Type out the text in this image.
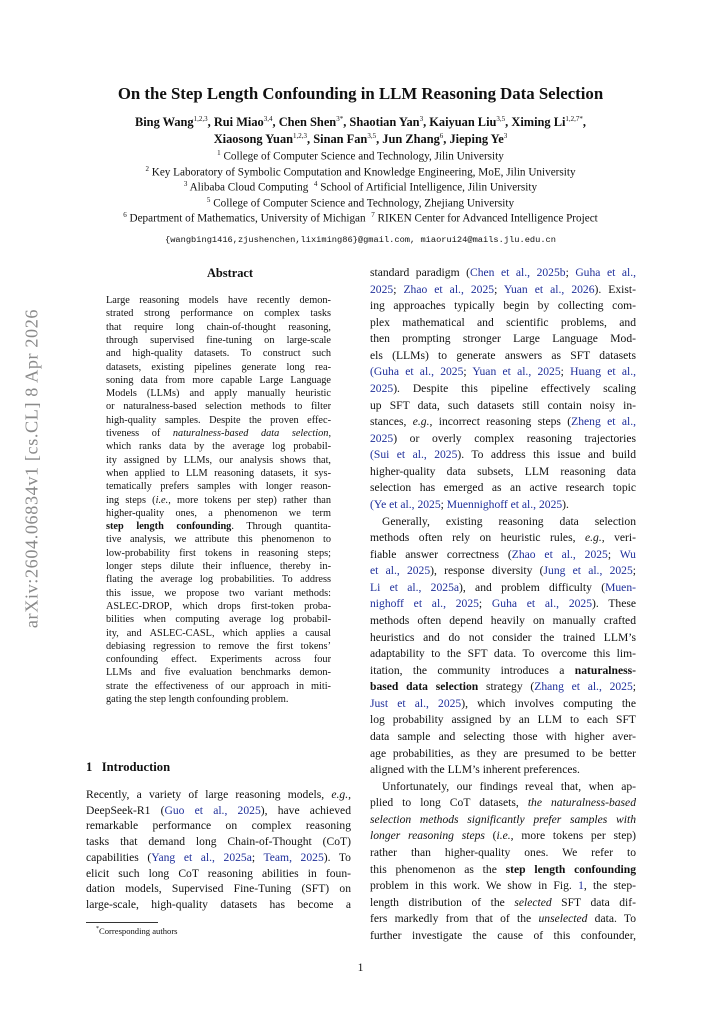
On the Step Length Confounding in LLM Reasoning Data Selection
Bing Wang$^{1,2,3}$, Rui Miao$^{3,4}$, Chen Shen$^{3*}$, Shaotian Yan$^3$, Kaiyuan Liu$^{3,5}$, Ximing $Li^{1,2,7*}$,
Xiaosong Yuan$^{1,2,3}$, Sinan Fan$^{3,5}$, Jun Zhang$^6$, Jieping Ye$^3$
$^1$ College of Computer Science and Technology, Jilin University
$^2$ Key Laboratory of Symbolic Computation and Knowledge Engineering, MoE, Jilin University
$^3$ Alibaba Cloud Computing  $^4$ School of Artificial Intelligence, Jilin University
$^5$ College of Computer Science and Technology, Zhejiang University
$^6$ Department of Mathematics, University of Michigan  $^7$ RIKEN Center for Advanced Intelligence Project
{wangbing1416,zjushenchen,liximing86}@gmail.com, miaorui24@mails.jlu.edu.cn
arXiv:2604.06834v1 [cs.CL] 8 Apr 2026
Abstract
Large reasoning models have recently demon-
strated strong performance on complex tasks
that require long chain-of-thought reasoning,
through supervised fine-tuning on large-scale
and high-quality datasets. To construct such
datasets, existing pipelines generate long rea-
soning data from more capable Large Language
Models (LLMs) and apply manually heuristic
or naturalness-based selection methods to filter
high-quality samples. Despite the proven effec-
tiveness of naturalness-based data selection,
which ranks data by the average log probabil-
ity assigned by LLMs, our analysis shows that,
when applied to LLM reasoning datasets, it sys-
tematically prefers samples with longer reason-
ing steps (i.e., more tokens per step) rather than
higher-quality ones, a phenomenon we term
step length confounding. Through quantita-
tive analysis, we attribute this phenomenon to
low-probability first tokens in reasoning steps;
longer steps dilute their influence, thereby in-
flating the average log probabilities. To address
this issue, we propose two variant methods:
ASLEC-DROP, which drops first-token proba-
bilities when computing average log probabil-
ity, and ASLEC-CASL, which applies a causal
debiasing regression to remove the first tokens’
confounding effect. Experiments across four
LLMs and five evaluation benchmarks demon-
strate the effectiveness of our approach in miti-
gating the step length confounding problem.
1 Introduction
Recently, a variety of large reasoning models, e.g.,
DeepSeek-R1 (Guo et al., 2025), have achieved
remarkable performance on complex reasoning
tasks that demand long Chain-of-Thought (CoT)
capabilities (Yang et al., 2025a; Team, 2025). To
elicit such long CoT reasoning abilities in foun-
dation models, Supervised Fine-Tuning (SFT) on
large-scale, high-quality datasets has become a
standard paradigm (Chen et al., 2025b; Guha et al.,
2025; Zhao et al., 2025; Yuan et al., 2026). Exist-
ing approaches typically begin by collecting com-
plex mathematical and scientific problems, and
then prompting stronger Large Language Mod-
els (LLMs) to generate answers as SFT datasets
(Guha et al., 2025; Yuan et al., 2025; Huang et al.,
2025). Despite this pipeline effectively scaling
up SFT data, such datasets still contain noisy in-
stances, e.g., incorrect reasoning steps (Zheng et al.,
2025) or overly complex reasoning trajectories
(Sui et al., 2025). To address this issue and build
higher-quality data subsets, LLM reasoning data
selection has emerged as an active research topic
(Ye et al., 2025; Muennighoff et al., 2025).
Generally, existing reasoning data selection
methods often rely on heuristic rules, e.g., veri-
fiable answer correctness (Zhao et al., 2025; Wu
et al., 2025), response diversity (Jung et al., 2025;
Li et al., 2025a), and problem difficulty (Muen-
nighoff et al., 2025; Guha et al., 2025). These
methods often depend heavily on manually crafted
heuristics and do not consider the trained LLM’s
adaptability to the SFT data. To overcome this lim-
itation, the community introduces a naturalness-
based data selection strategy (Zhang et al., 2025;
Just et al., 2025), which involves computing the
log probability assigned by an LLM to each SFT
data sample and selecting those with higher aver-
age probabilities, as they are presumed to be better
aligned with the LLM’s inherent preferences.
Unfortunately, our findings reveal that, when ap-
plied to long CoT datasets, the naturalness-based
selection methods significantly prefer samples with
longer reasoning steps (i.e., more tokens per step)
rather than higher-quality ones. We refer to
this phenomenon as the step length confounding
problem in this work. We show in Fig. 1, the step-
length distribution of the selected SFT data dif-
fers markedly from that of the unselected data. To
further investigate the cause of this confounder,
*Corresponding authors
1
